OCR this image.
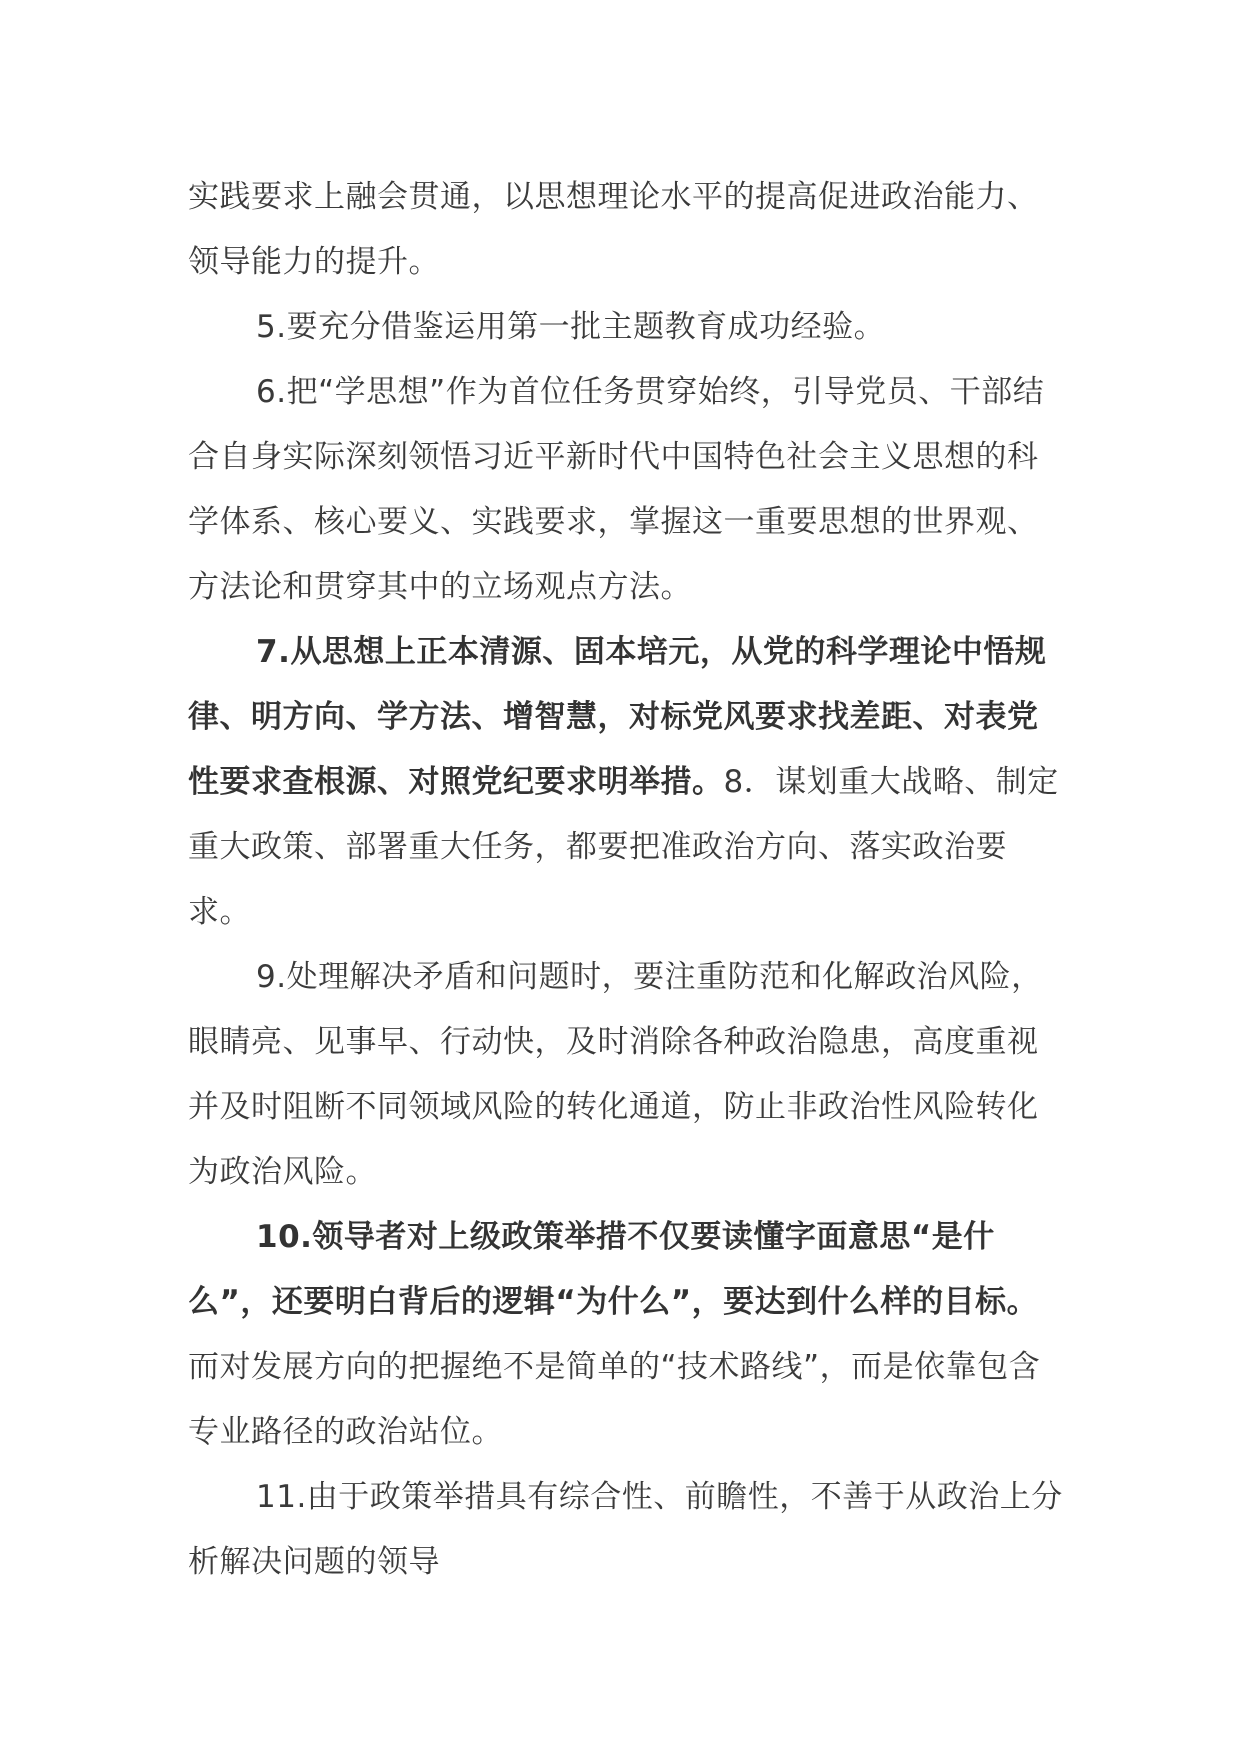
实践要求上融会贯通，以思想理论水平的提高促进政治能力、领导能力的提升。

5.要充分借鉴运用第一批主题教育成功经验。

6.把“学思想”作为首位任务贯穿始终，引导党员、干部结合自身实际深刻领悟习近平新时代中国特色社会主义思想的科学体系、核心要义、实践要求，掌握这一重要思想的世界观、方法论和贯穿其中的立场观点方法。

7.从思想上正本清源、固本培元，从党的科学理论中悟规律、明方向、学方法、增智慧，对标党风要求找差距、对表党性要求查根源、对照党纪要求明举措。8．谋划重大战略、制定重大政策、部署重大任务，都要把准政治方向、落实政治要求。

9.处理解决矛盾和问题时，要注重防范和化解政治风险，眼睛亮、见事早、行动快，及时消除各种政治隐患，高度重视并及时阻断不同领域风险的转化通道，防止非政治性风险转化为政治风险。

10.领导者对上级政策举措不仅要读懂字面意思“是什么”，还要明白背后的逻辑“为什么”，要达到什么样的目标。而对发展方向的把握绝不是简单的“技术路线”，而是依靠包含专业路径的政治站位。

11.由于政策举措具有综合性、前瞻性，不善于从政治上分析解决问题的领导
